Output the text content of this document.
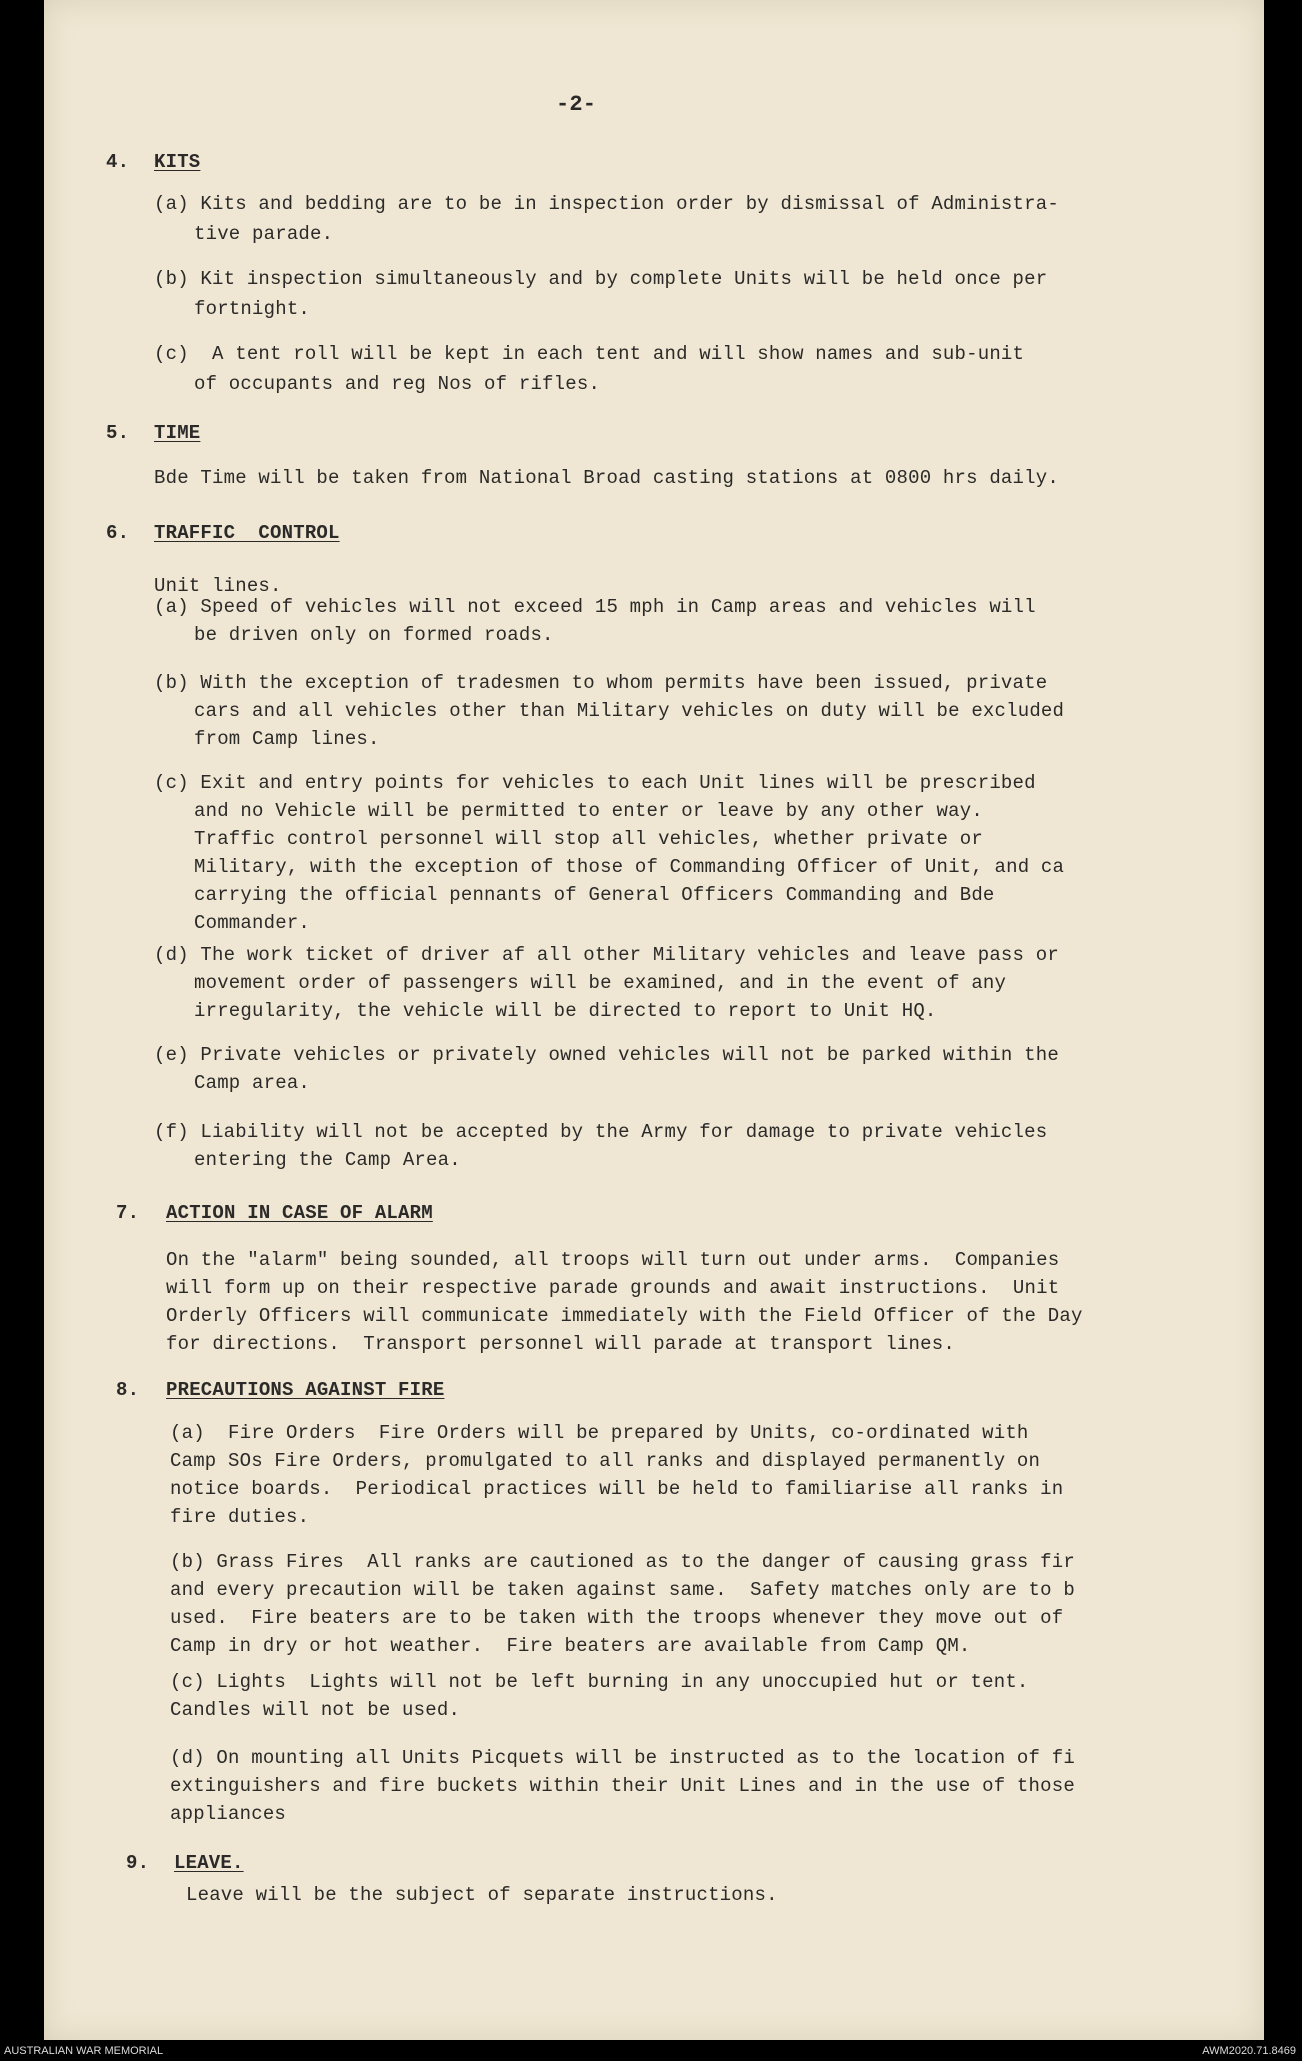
-2-
4. KITS
(a) Kits and bedding are to be in inspection order by dismissal of Administra-
tive parade.
(b) Kit inspection simultaneously and by complete Units will be held once per
fortnight.
(c)  A tent roll will be kept in each tent and will show names and sub-unit
of occupants and reg Nos of rifles.
5. TIME
Bde Time will be taken from National Broad casting stations at 0800 hrs daily.
6. TRAFFIC  CONTROL
Unit lines.
(a) Speed of vehicles will not exceed 15 mph in Camp areas and vehicles will
be driven only on formed roads.
(b) With the exception of tradesmen to whom permits have been issued, private
cars and all vehicles other than Military vehicles on duty will be excluded
from Camp lines.
(c) Exit and entry points for vehicles to each Unit lines will be prescribed
and no Vehicle will be permitted to enter or leave by any other way.
Traffic control personnel will stop all vehicles, whether private or
Military, with the exception of those of Commanding Officer of Unit, and ca
carrying the official pennants of General Officers Commanding and Bde
Commander.
(d) The work ticket of driver af all other Military vehicles and leave pass or
movement order of passengers will be examined, and in the event of any
irregularity, the vehicle will be directed to report to Unit HQ.
(e) Private vehicles or privately owned vehicles will not be parked within the
Camp area.
(f) Liability will not be accepted by the Army for damage to private vehicles
entering the Camp Area.
7. ACTION IN CASE OF ALARM
On the "alarm" being sounded, all troops will turn out under arms.  Companies
will form up on their respective parade grounds and await instructions.  Unit
Orderly Officers will communicate immediately with the Field Officer of the Day
for directions.  Transport personnel will parade at transport lines.
8. PRECAUTIONS AGAINST FIRE
(a)  Fire Orders  Fire Orders will be prepared by Units, co-ordinated with
Camp SOs Fire Orders, promulgated to all ranks and displayed permanently on
notice boards.  Periodical practices will be held to familiarise all ranks in
fire duties.
(b) Grass Fires  All ranks are cautioned as to the danger of causing grass fir
and every precaution will be taken against same.  Safety matches only are to b
used.  Fire beaters are to be taken with the troops whenever they move out of
Camp in dry or hot weather.  Fire beaters are available from Camp QM.
(c) Lights  Lights will not be left burning in any unoccupied hut or tent.
Candles will not be used.
(d) On mounting all Units Picquets will be instructed as to the location of fi
extinguishers and fire buckets within their Unit Lines and in the use of those
appliances
9. LEAVE.
Leave will be the subject of separate instructions.
AUSTRALIAN WAR MEMORIAL	AWM2020.71.8469
